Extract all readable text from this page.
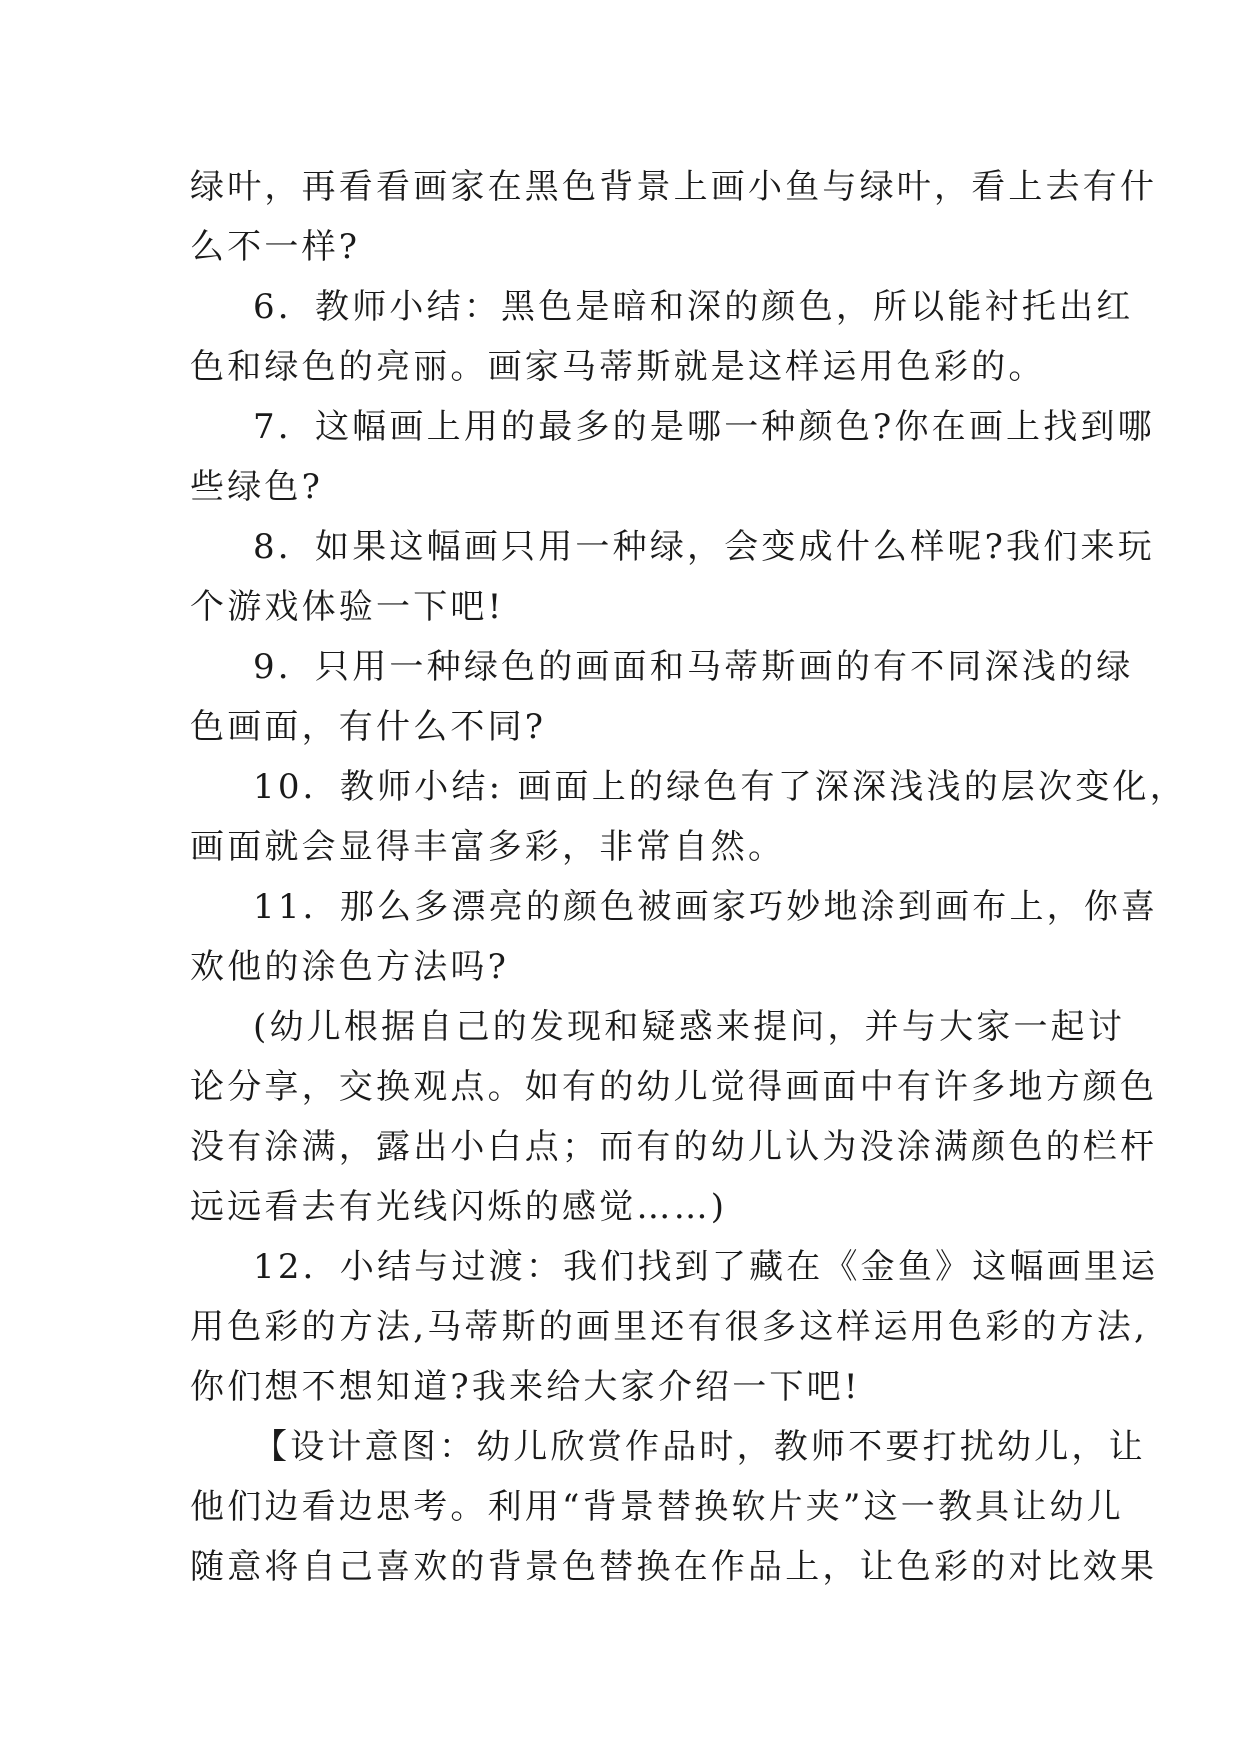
绿叶，再看看画家在黑色背景上画小鱼与绿叶，看上去有什
么不一样?
6．教师小结：黑色是暗和深的颜色，所以能衬托出红
色和绿色的亮丽。画家马蒂斯就是这样运用色彩的。
7．这幅画上用的最多的是哪一种颜色?你在画上找到哪
些绿色?
8．如果这幅画只用一种绿，会变成什么样呢?我们来玩
个游戏体验一下吧!
9．只用一种绿色的画面和马蒂斯画的有不同深浅的绿
色画面，有什么不同?
10．教师小结: 画面上的绿色有了深深浅浅的层次变化，
画面就会显得丰富多彩，非常自然。
11．那么多漂亮的颜色被画家巧妙地涂到画布上，你喜
欢他的涂色方法吗?
(幼儿根据自己的发现和疑惑来提问，并与大家一起讨
论分享，交换观点。如有的幼儿觉得画面中有许多地方颜色
没有涂满，露出小白点；而有的幼儿认为没涂满颜色的栏杆
远远看去有光线闪烁的感觉……)
12．小结与过渡：我们找到了藏在《金鱼》这幅画里运
用色彩的方法,马蒂斯的画里还有很多这样运用色彩的方法,
你们想不想知道?我来给大家介绍一下吧!
【设计意图：幼儿欣赏作品时，教师不要打扰幼儿，让
他们边看边思考。利用“背景替换软片夹”这一教具让幼儿
随意将自己喜欢的背景色替换在作品上，让色彩的对比效果
